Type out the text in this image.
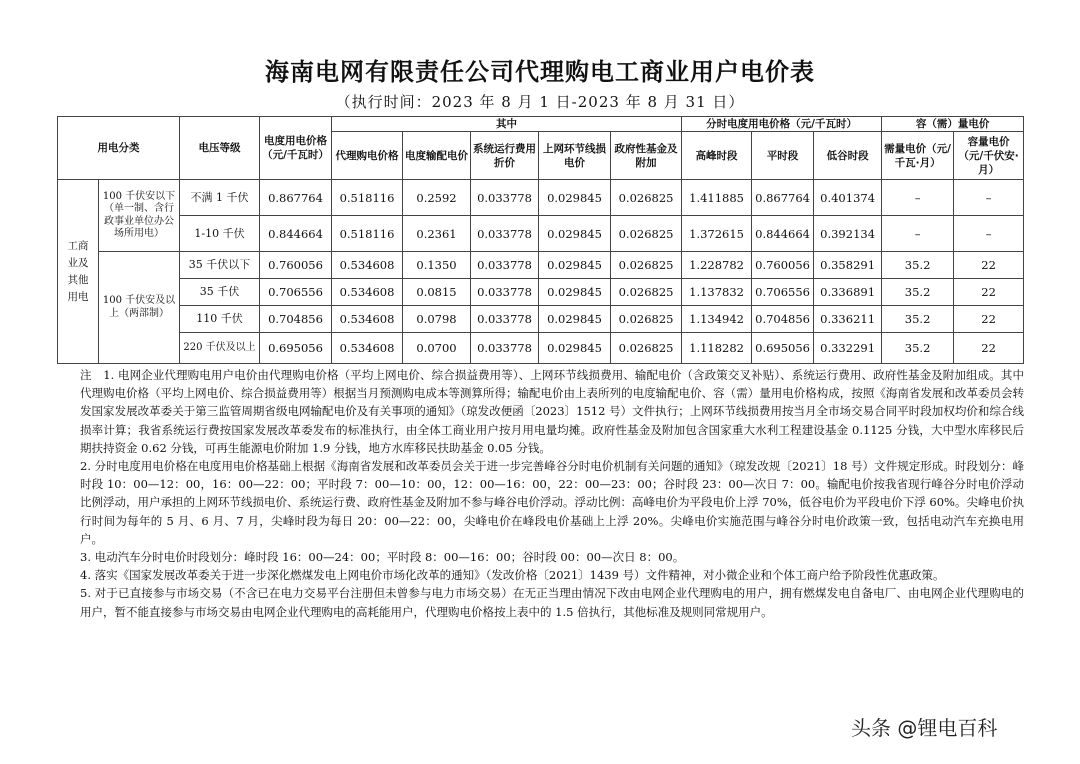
海南电网有限责任公司代理购电工商业用户电价表
（执行时间：2023 年 8 月 1 日-2023 年 8 月 31 日）
用电分类		电压等级	电度用电价格（元/千瓦时）	其中					分时电度用电价格（元/千瓦时）			容（需）量电价	
				代理购电价格	电度输配电价	系统运行费用折价	上网环节线损电价	政府性基金及附加	高峰时段	平时段	低谷时段	需量电价（元/千瓦·月）	容量电价（元/千伏安·月）
工商业及其他用电	100 千伏安以下（单一制、含行政事业单位办公场所用电）	不满 1 千伏	0.867764	0.518116	0.2592	0.033778	0.029845	0.026825	1.411885	0.867764	0.401374	–	–
		1-10 千伏	0.844664	0.518116	0.2361	0.033778	0.029845	0.026825	1.372615	0.844664	0.392134	–	–
	100 千伏安及以上（两部制）	35 千伏以下	0.760056	0.534608	0.1350	0.033778	0.029845	0.026825	1.228782	0.760056	0.358291	35.2	22
		35 千伏	0.706556	0.534608	0.0815	0.033778	0.029845	0.026825	1.137832	0.706556	0.336891	35.2	22
		110 千伏	0.704856	0.534608	0.0798	0.033778	0.029845	0.026825	1.134942	0.704856	0.336211	35.2	22
		220 千伏及以上	0.695056	0.534608	0.0700	0.033778	0.029845	0.026825	1.118282	0.695056	0.332291	35.2	22

注　1. 电网企业代理购电用户电价由代理购电价格（平均上网电价、综合损益费用等）、上网环节线损费用、输配电价（含政策交叉补贴）、系统运行费用、政府性基金及附加组成。其中代理购电价格（平均上网电价、综合损益费用等）根据当月预测购电成本等测算所得；输配电价由上表所列的电度输配电价、容（需）量用电价格构成，按照《海南省发展和改革委员会转发国家发展改革委关于第三监管周期省级电网输配电价及有关事项的通知》（琼发改便函〔2023〕1512 号）文件执行；上网环节线损费用按当月全市场交易合同平时段加权均价和综合线损率计算；我省系统运行费按国家发展改革委发布的标准执行，由全体工商业用户按月用电量均摊。政府性基金及附加包含国家重大水利工程建设基金 0.1125 分钱，大中型水库移民后期扶持资金 0.62 分钱，可再生能源电价附加 1.9 分钱，地方水库移民扶助基金 0.05 分钱。

2. 分时电度用电价格在电度用电价格基础上根据《海南省发展和改革委员会关于进一步完善峰谷分时电价机制有关问题的通知》（琼发改规〔2021〕18 号）文件规定形成。时段划分：峰时段 10：00—12：00，16：00—22：00；平时段 7：00—10：00，12：00—16：00，22：00—23：00；谷时段 23：00—次日 7：00。输配电价按我省现行峰谷分时电价浮动比例浮动，用户承担的上网环节线损电价、系统运行费、政府性基金及附加不参与峰谷电价浮动。浮动比例：高峰电价为平段电价上浮 70%，低谷电价为平段电价下浮 60%。尖峰电价执行时间为每年的 5 月、6 月、7 月，尖峰时段为每日 20：00—22：00，尖峰电价在峰段电价基础上上浮 20%。尖峰电价实施范围与峰谷分时电价政策一致，包括电动汽车充换电用户。

3. 电动汽车分时电价时段划分：峰时段 16：00—24：00；平时段 8：00—16：00；谷时段 00：00—次日 8：00。

4. 落实《国家发展改革委关于进一步深化燃煤发电上网电价市场化改革的通知》（发改价格〔2021〕1439 号）文件精神，对小微企业和个体工商户给予阶段性优惠政策。

5. 对于已直接参与市场交易（不含已在电力交易平台注册但未曾参与电力市场交易）在无正当理由情况下改由电网企业代理购电的用户，拥有燃煤发电自备电厂、由电网企业代理购电的用户，暂不能直接参与市场交易由电网企业代理购电的高耗能用户，代理购电价格按上表中的 1.5 倍执行，其他标准及规则同常规用户。

头条 @锂电百科
